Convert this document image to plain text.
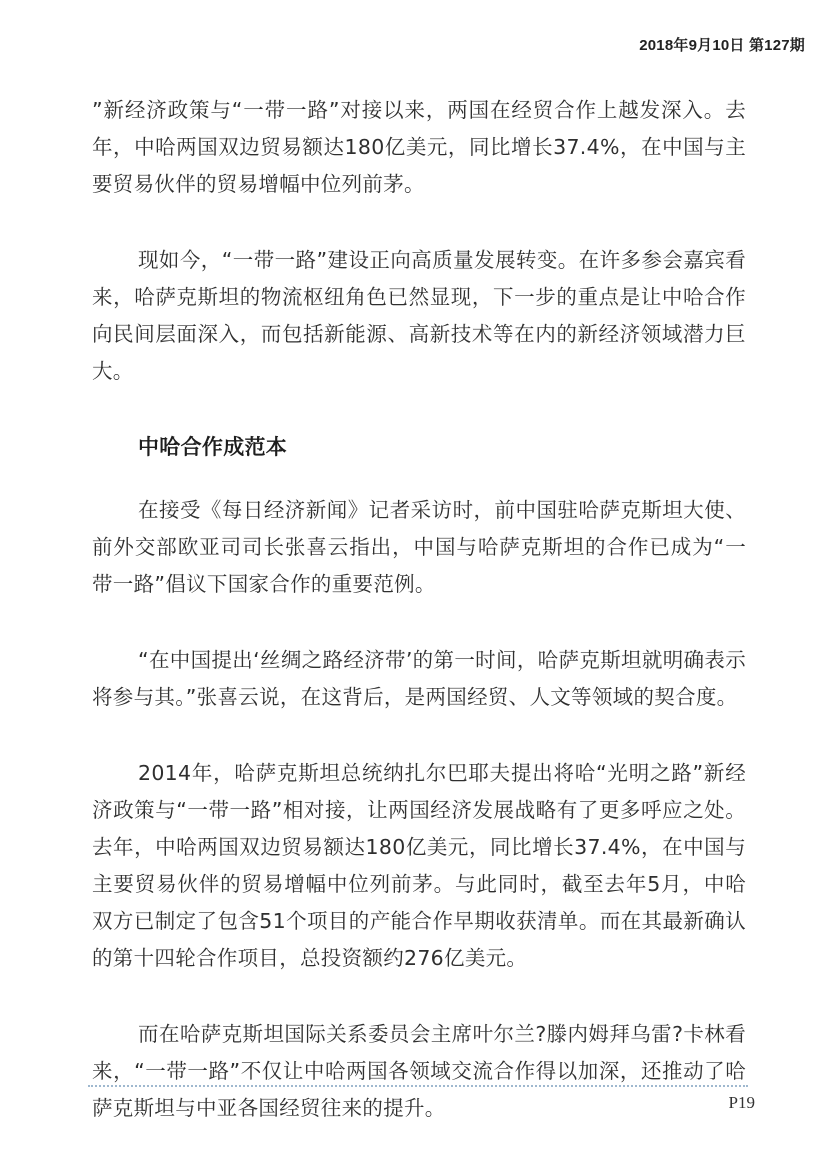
2018年9月10日 第127期

”新经济政策与“一带一路”对接以来，两国在经贸合作上越发深入。去年，中哈两国双边贸易额达180亿美元，同比增长37.4%，在中国与主要贸易伙伴的贸易增幅中位列前茅。

现如今，“一带一路”建设正向高质量发展转变。在许多参会嘉宾看来，哈萨克斯坦的物流枢纽角色已然显现，下一步的重点是让中哈合作向民间层面深入，而包括新能源、高新技术等在内的新经济领域潜力巨大。

中哈合作成范本

在接受《每日经济新闻》记者采访时，前中国驻哈萨克斯坦大使、前外交部欧亚司司长张喜云指出，中国与哈萨克斯坦的合作已成为“一带一路”倡议下国家合作的重要范例。

“在中国提出‘丝绸之路经济带’的第一时间，哈萨克斯坦就明确表示将参与其。”张喜云说，在这背后，是两国经贸、人文等领域的契合度。

2014年，哈萨克斯坦总统纳扎尔巴耶夫提出将哈“光明之路”新经济政策与“一带一路”相对接，让两国经济发展战略有了更多呼应之处。去年，中哈两国双边贸易额达180亿美元，同比增长37.4%，在中国与主要贸易伙伴的贸易增幅中位列前茅。与此同时，截至去年5月，中哈双方已制定了包含51个项目的产能合作早期收获清单。而在其最新确认的第十四轮合作项目，总投资额约276亿美元。

而在哈萨克斯坦国际关系委员会主席叶尔兰?滕内姆拜乌雷?卡林看来，“一带一路”不仅让中哈两国各领域交流合作得以加深，还推动了哈萨克斯坦与中亚各国经贸往来的提升。	P19
